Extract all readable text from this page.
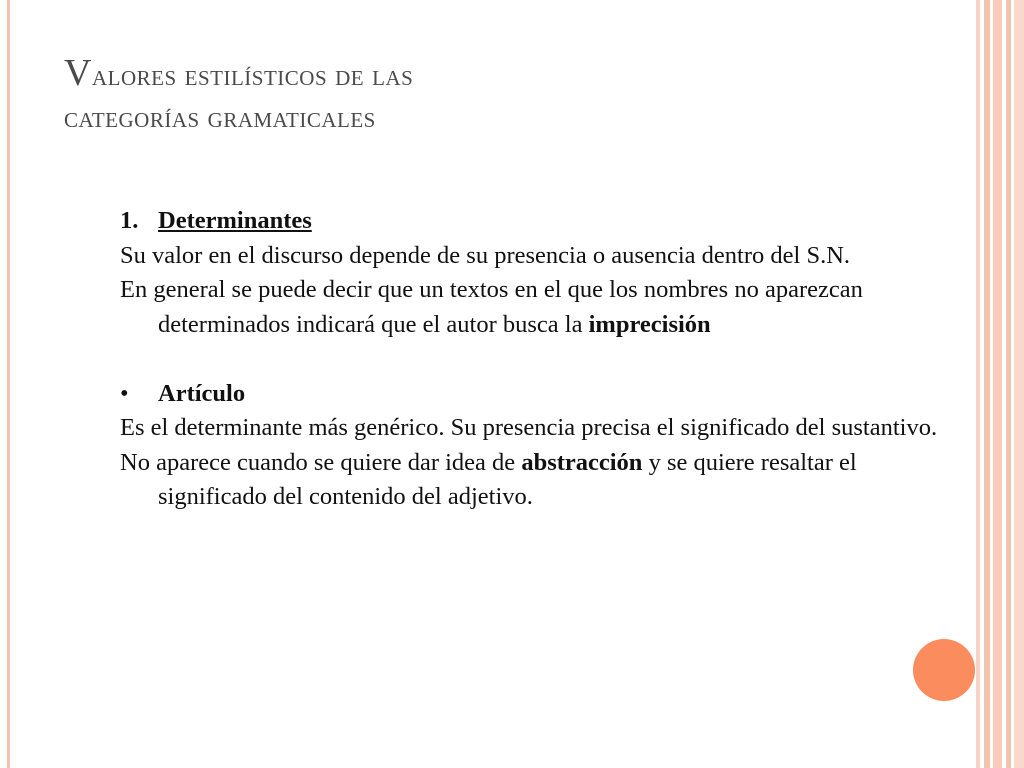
Valores estilísticos de las
categorías gramaticales
1. Determinantes
Su valor en el discurso depende de su presencia o ausencia dentro del S.N.
En general se puede decir que un textos en el que los nombres no aparezcan determinados indicará que el autor busca la imprecisión
•	Artículo
Es el determinante más genérico. Su presencia precisa el significado del sustantivo.
No aparece cuando se quiere dar idea de abstracción y se quiere resaltar el significado del contenido del adjetivo.
